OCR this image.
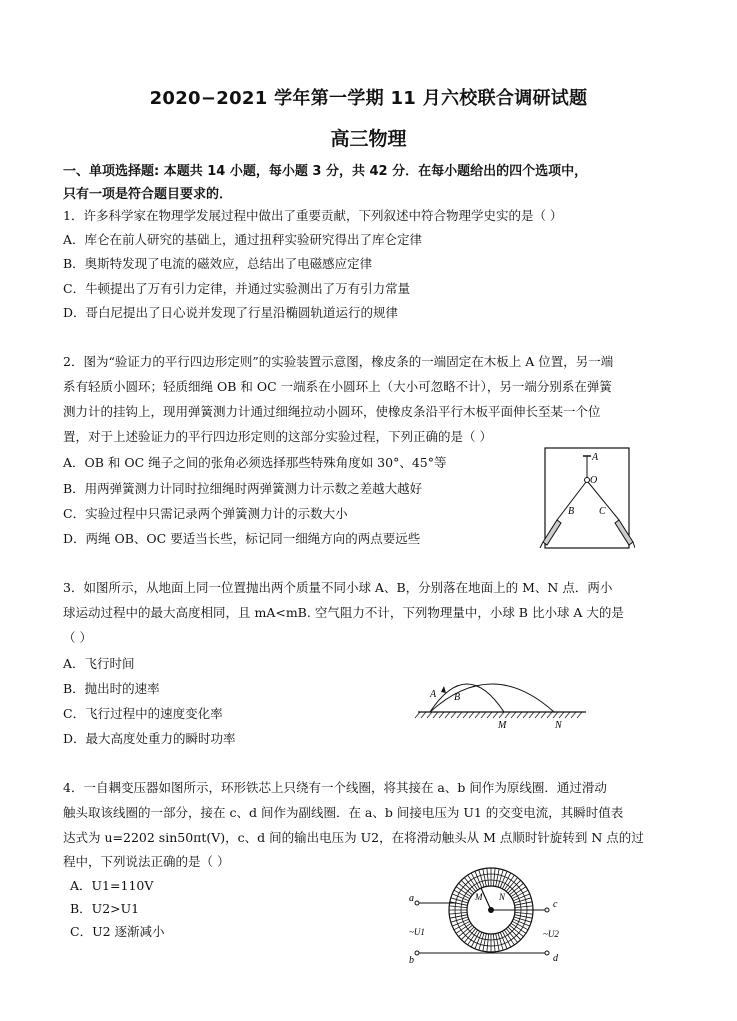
2020−2021 学年第一学期 11 月六校联合调研试题
高三物理
一、单项选择题: 本题共 14 小题，每小题 3 分，共 42 分．在每小题给出的四个选项中，
只有一项是符合题目要求的．
1．许多科学家在物理学发展过程中做出了重要贡献，下列叙述中符合物理学史实的是（ ）
A．库仑在前人研究的基础上，通过扭秤实验研究得出了库仑定律
B．奥斯特发现了电流的磁效应，总结出了电磁感应定律
C．牛顿提出了万有引力定律，并通过实验测出了万有引力常量
D．哥白尼提出了日心说并发现了行星沿椭圆轨道运行的规律
2．图为“验证力的平行四边形定则”的实验装置示意图，橡皮条的一端固定在木板上 A 位置，另一端
系有轻质小圆环；轻质细绳 OB 和 OC 一端系在小圆环上（大小可忽略不计），另一端分别系在弹簧
测力计的挂钩上，现用弹簧测力计通过细绳拉动小圆环，使橡皮条沿平行木板平面伸长至某一个位
置，对于上述验证力的平行四边形定则的这部分实验过程，下列正确的是（ ）
A．OB 和 OC 绳子之间的张角必须选择那些特殊角度如 30°、45°等
B．用两弹簧测力计同时拉细绳时两弹簧测力计示数之差越大越好
C．实验过程中只需记录两个弹簧测力计的示数大小
D．两绳 OB、OC 要适当长些，标记同一细绳方向的两点要远些
A
O
B C
3．如图所示，从地面上同一位置抛出两个质量不同小球 A、B，分别落在地面上的 M、N 点．两小
球运动过程中的最大高度相同，且 mA<mB. 空气阻力不计，下列物理量中，小球 B 比小球 A 大的是
（ ）
A．飞行时间
B．抛出时的速率
C．飞行过程中的速度变化率
D．最大高度处重力的瞬时功率
A B
M	N
4．一自耦变压器如图所示，环形铁芯上只绕有一个线圈，将其接在 a、b 间作为原线圈．通过滑动
触头取该线圈的一部分，接在 c、d 间作为副线圈．在 a、b 间接电压为 U1 的交变电流，其瞬时值表
达式为 u=2202 sin50πt(V)，c、d 间的输出电压为 U2，在将滑动触头从 M 点顺时针旋转到 N 点的过
程中，下列说法正确的是（ ）
A．U1=110V
B．U2>U1
C．U2 逐渐减小
a
b
c
d
M N
~U1	~U2
